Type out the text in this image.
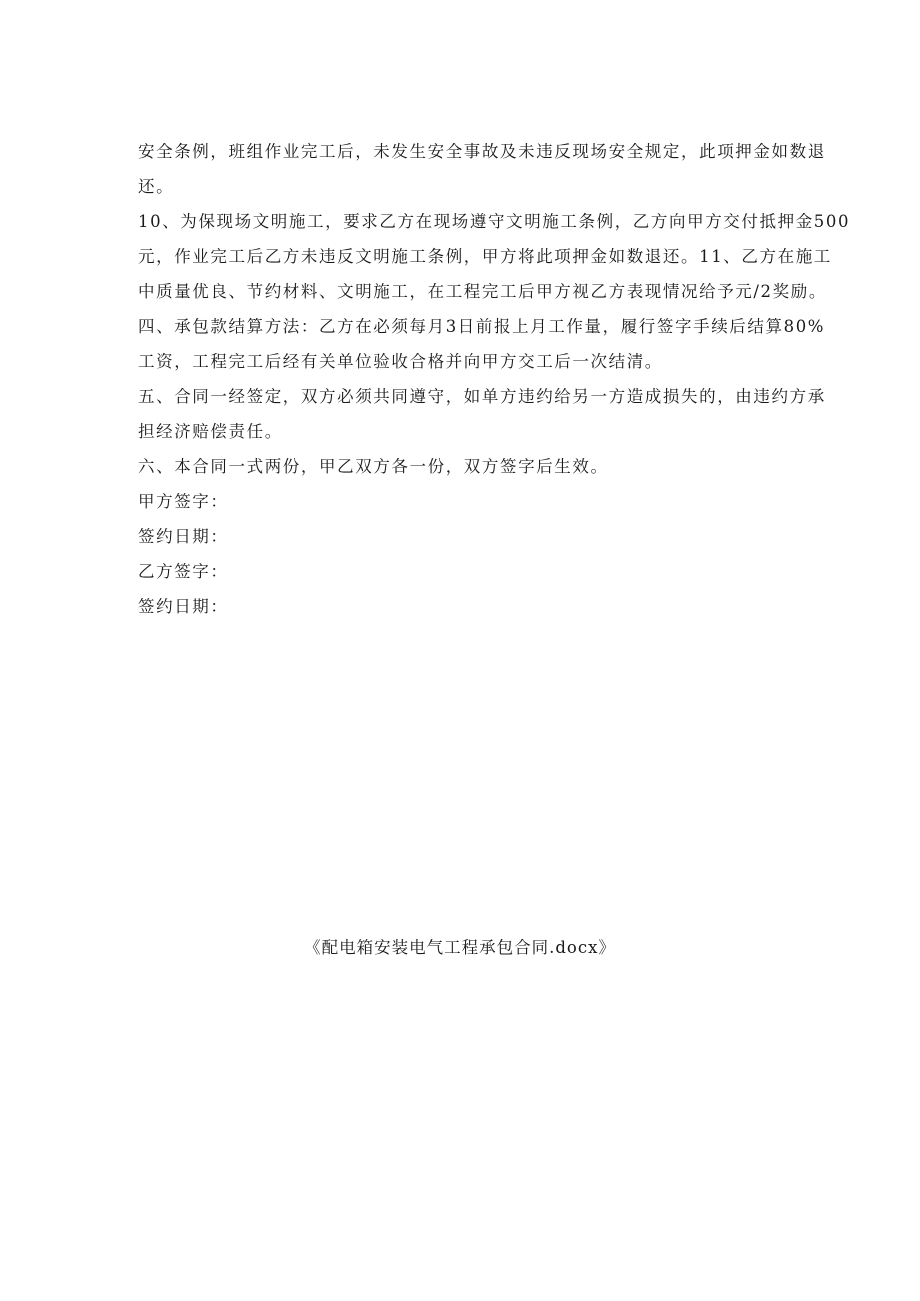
安全条例，班组作业完工后，未发生安全事故及未违反现场安全规定，此项押金如数退
还。
10、为保现场文明施工，要求乙方在现场遵守文明施工条例，乙方向甲方交付抵押金500
元，作业完工后乙方未违反文明施工条例，甲方将此项押金如数退还。11、乙方在施工
中质量优良、节约材料、文明施工，在工程完工后甲方视乙方表现情况给予元/2奖励。
四、承包款结算方法：乙方在必须每月3日前报上月工作量，履行签字手续后结算80%
工资，工程完工后经有关单位验收合格并向甲方交工后一次结清。
五、合同一经签定，双方必须共同遵守，如单方违约给另一方造成损失的，由违约方承
担经济赔偿责任。
六、本合同一式两份，甲乙双方各一份，双方签字后生效。
甲方签字：
签约日期：
乙方签字：
签约日期：
《配电箱安装电气工程承包合同.docx》
